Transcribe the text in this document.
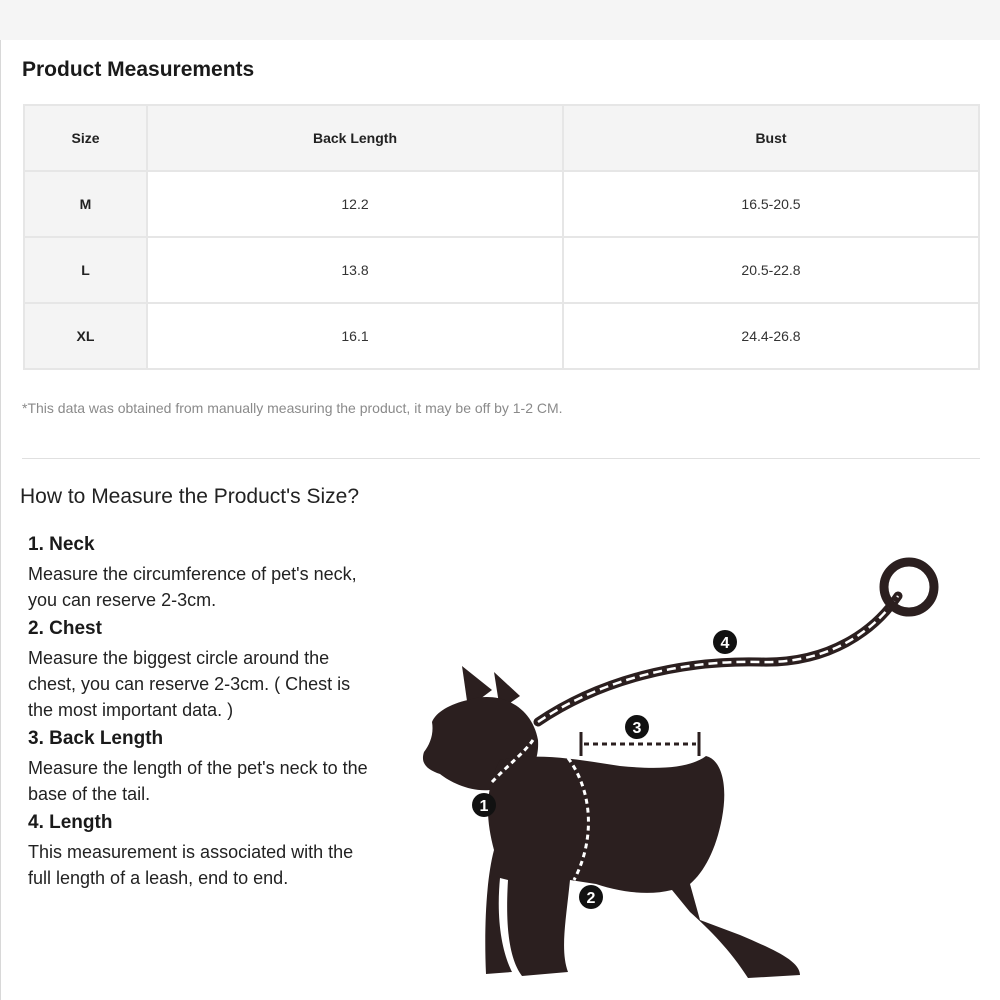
Product Measurements
Size	Back Length	Bust
M	12.2	16.5-20.5
L	13.8	20.5-22.8
XL	16.1	24.4-26.8

*This data was obtained from manually measuring the product, it may be off by 1-2 CM.

How to Measure the Product's Size?

1. Neck

Measure the circumference of pet's neck, you can reserve 2-3cm.

2. Chest

Measure the biggest circle around the chest, you can reserve 2-3cm. ( Chest is the most important data. )

3. Back Length

Measure the length of the pet's neck to the base of the tail.

4. Length

This measurement is associated with the full length of a leash, end to end.

1
2
3
4
